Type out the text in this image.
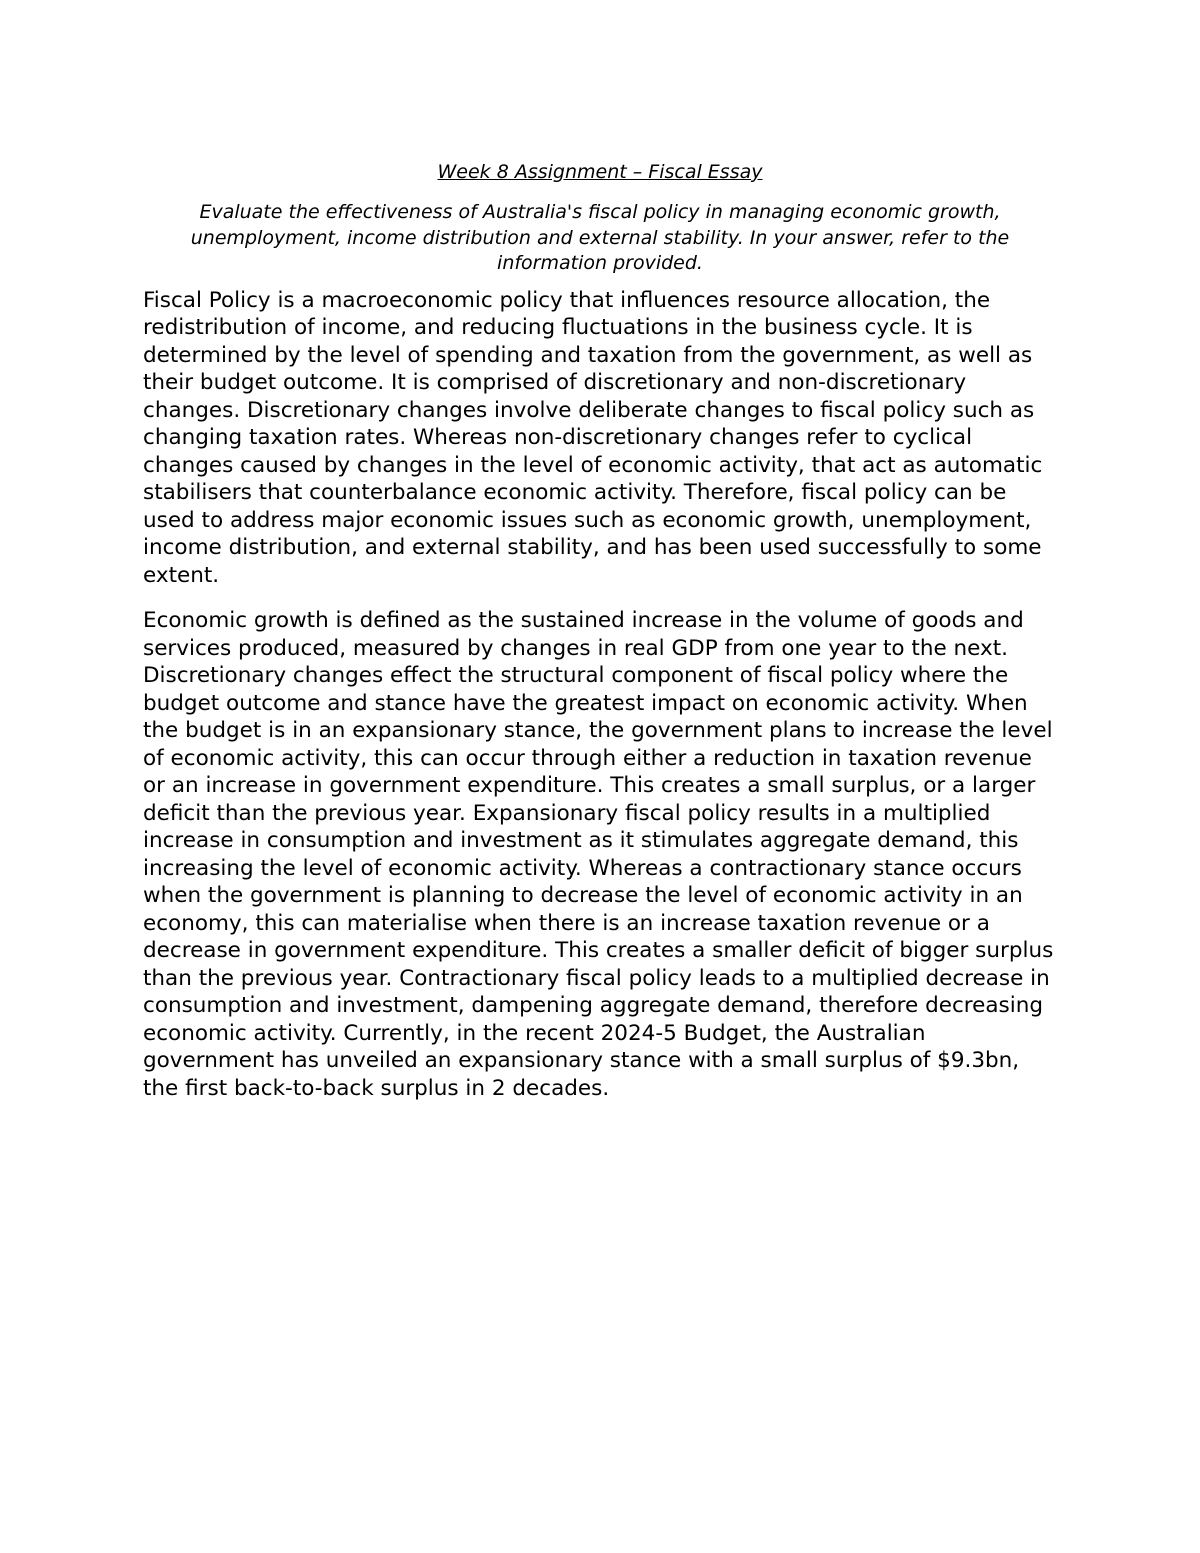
Week 8 Assignment – Fiscal Essay

Evaluate the effectiveness of Australia's fiscal policy in managing economic growth, unemployment, income distribution and external stability. In your answer, refer to the information provided.

Fiscal Policy is a macroeconomic policy that influences resource allocation, the redistribution of income, and reducing fluctuations in the business cycle. It is determined by the level of spending and taxation from the government, as well as their budget outcome. It is comprised of discretionary and non-discretionary changes. Discretionary changes involve deliberate changes to fiscal policy such as changing taxation rates. Whereas non-discretionary changes refer to cyclical changes caused by changes in the level of economic activity, that act as automatic stabilisers that counterbalance economic activity. Therefore, fiscal policy can be used to address major economic issues such as economic growth, unemployment, income distribution, and external stability, and has been used successfully to some extent.

Economic growth is defined as the sustained increase in the volume of goods and services produced, measured by changes in real GDP from one year to the next. Discretionary changes effect the structural component of fiscal policy where the budget outcome and stance have the greatest impact on economic activity. When the budget is in an expansionary stance, the government plans to increase the level of economic activity, this can occur through either a reduction in taxation revenue or an increase in government expenditure. This creates a small surplus, or a larger deficit than the previous year. Expansionary fiscal policy results in a multiplied increase in consumption and investment as it stimulates aggregate demand, this increasing the level of economic activity. Whereas a contractionary stance occurs when the government is planning to decrease the level of economic activity in an economy, this can materialise when there is an increase taxation revenue or a decrease in government expenditure. This creates a smaller deficit of bigger surplus than the previous year. Contractionary fiscal policy leads to a multiplied decrease in consumption and investment, dampening aggregate demand, therefore decreasing economic activity. Currently, in the recent 2024-5 Budget, the Australian government has unveiled an expansionary stance with a small surplus of $9.3bn, the first back-to-back surplus in 2 decades.
